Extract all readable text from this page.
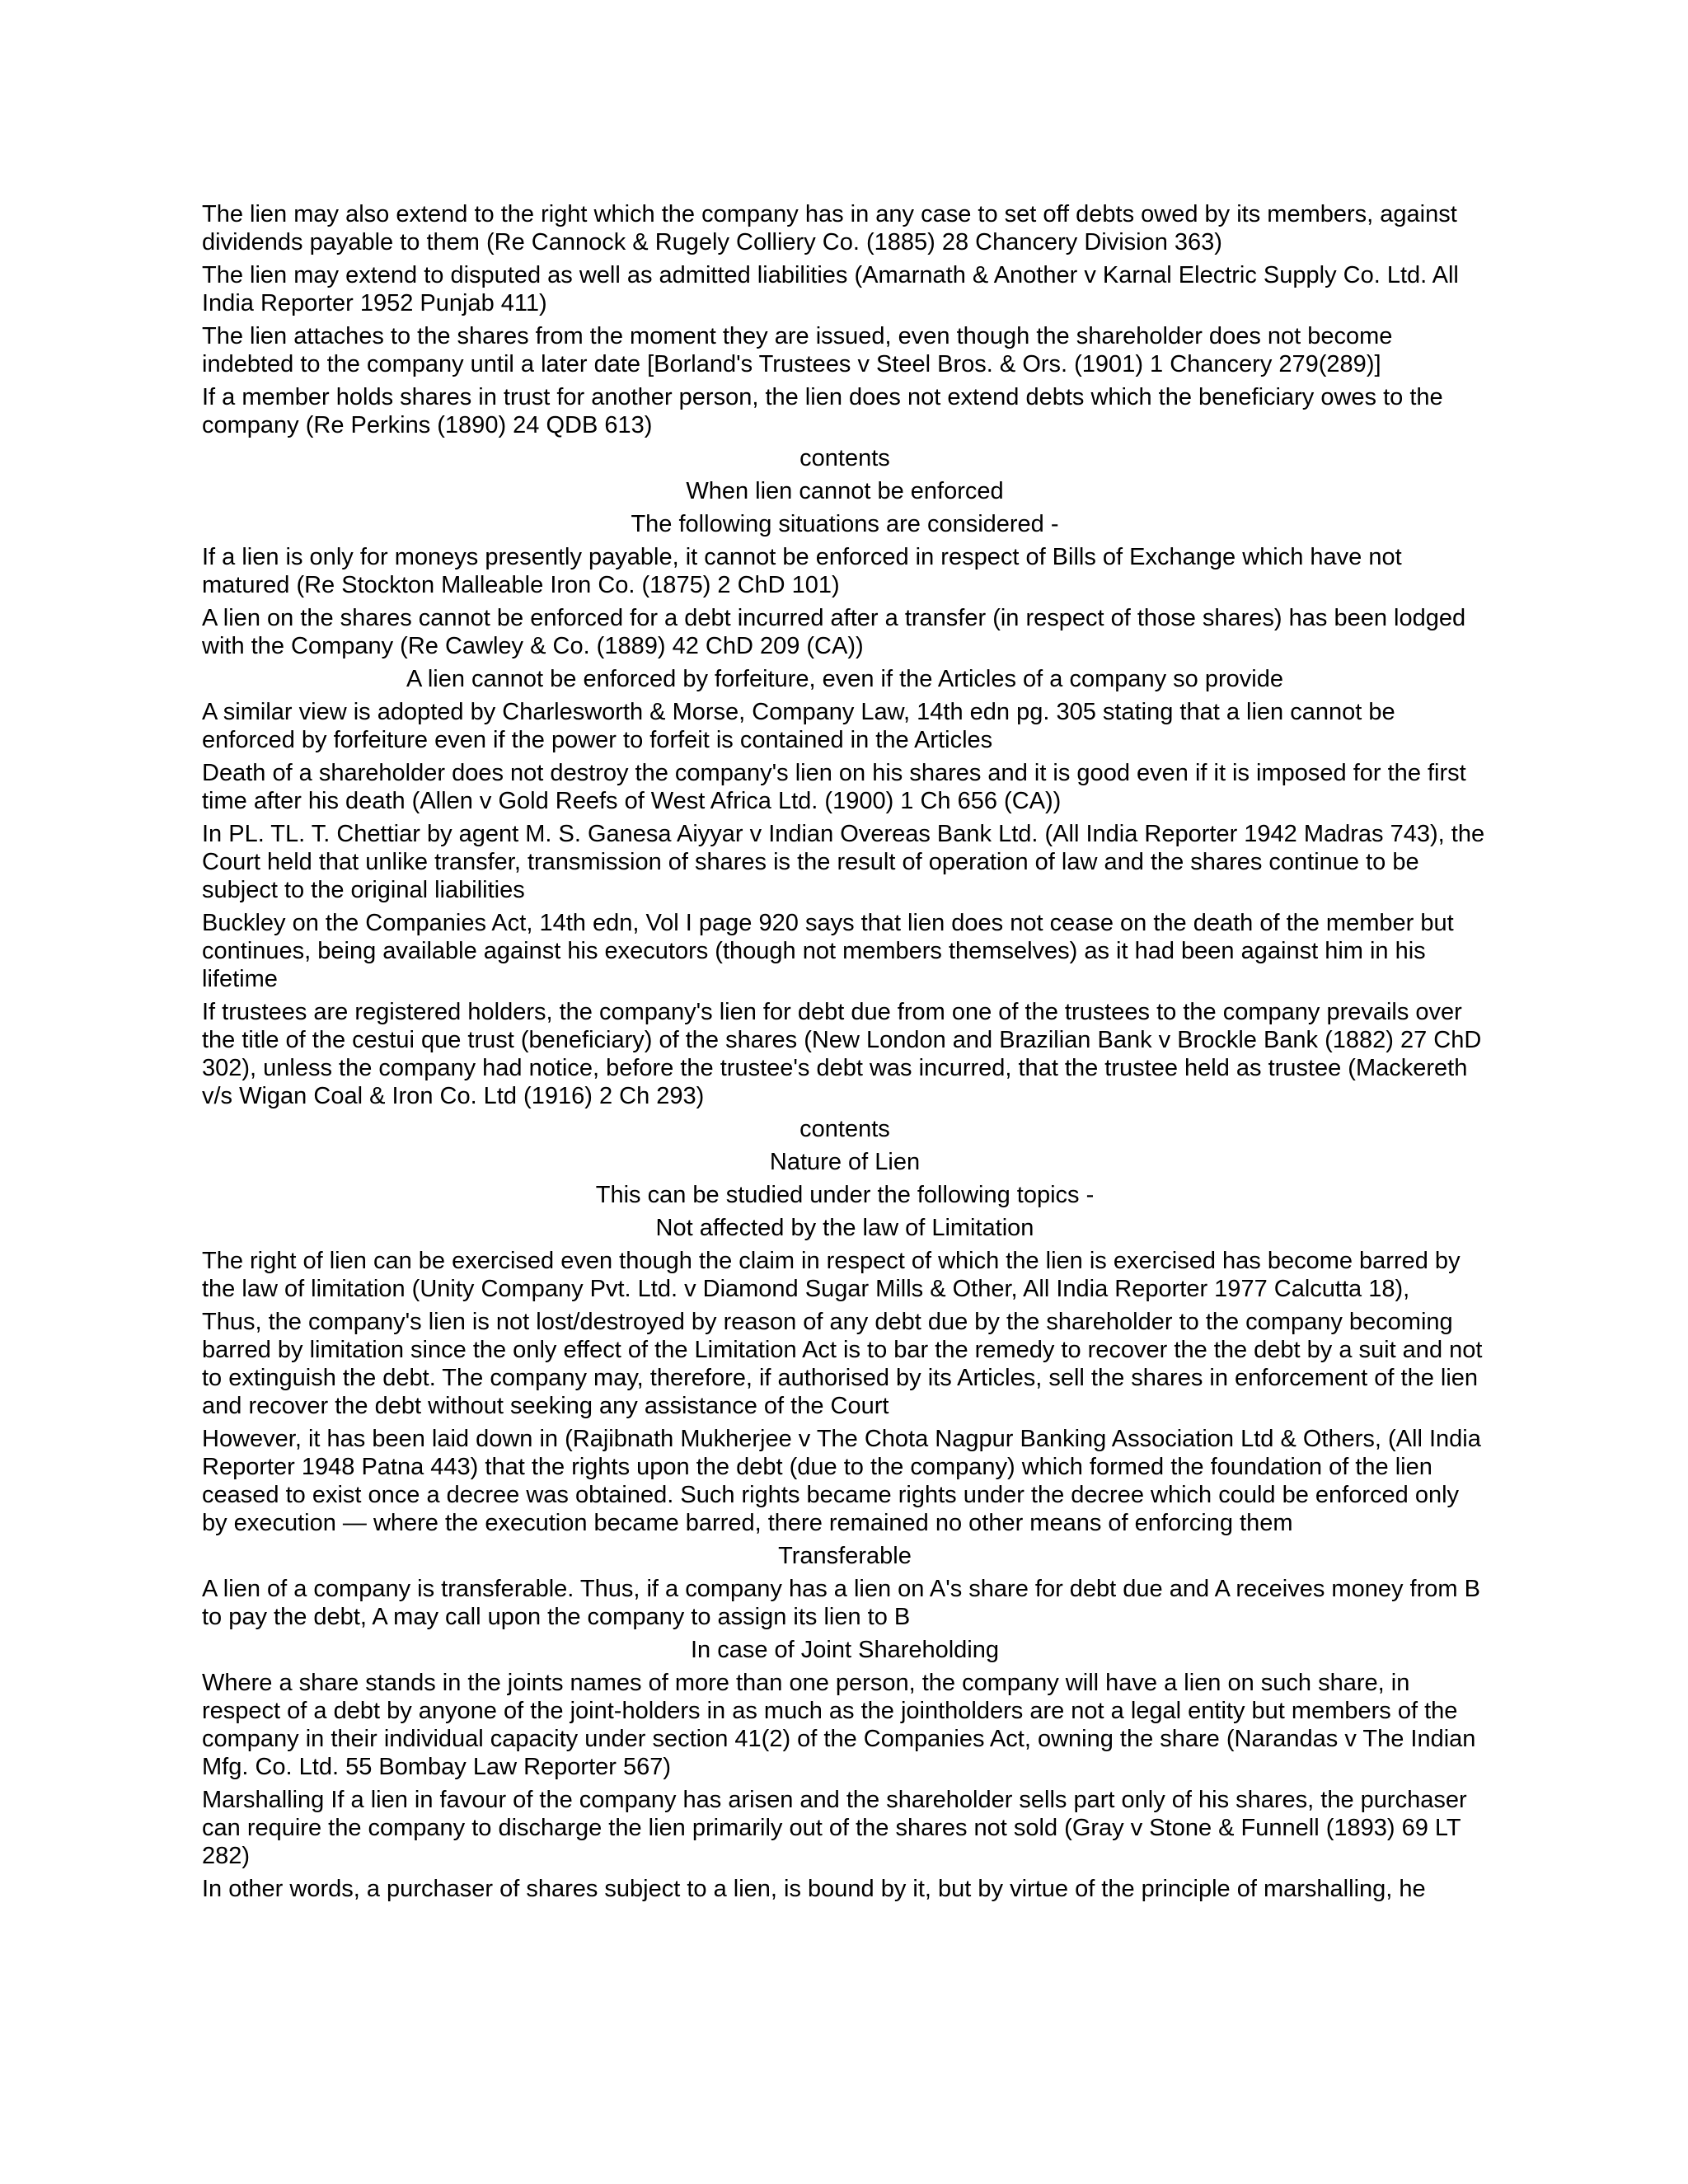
The lien may also extend to the right which the company has in any case to set off debts owed by its members, against dividends payable to them (Re Cannock & Rugely Colliery Co. (1885) 28 Chancery Division 363)

The lien may extend to disputed as well as admitted liabilities (Amarnath & Another v Karnal Electric Supply Co. Ltd. All India Reporter 1952 Punjab 411)

The lien attaches to the shares from the moment they are issued, even though the shareholder does not become indebted to the company until a later date [Borland's Trustees v Steel Bros. & Ors. (1901) 1 Chancery 279(289)]

If a member holds shares in trust for another person, the lien does not extend debts which the beneficiary owes to the company (Re Perkins (1890) 24 QDB 613)

contents

When lien cannot be enforced

The following situations are considered -

If a lien is only for moneys presently payable, it cannot be enforced in respect of Bills of Exchange which have not matured (Re Stockton Malleable Iron Co. (1875) 2 ChD 101)

A lien on the shares cannot be enforced for a debt incurred after a transfer (in respect of those shares) has been lodged with the Company (Re Cawley & Co. (1889) 42 ChD 209 (CA))

A lien cannot be enforced by forfeiture, even if the Articles of a company so provide

A similar view is adopted by Charlesworth & Morse, Company Law, 14th edn pg. 305 stating that a lien cannot be enforced by forfeiture even if the power to forfeit is contained in the Articles

Death of a shareholder does not destroy the company's lien on his shares and it is good even if it is imposed for the first time after his death (Allen v Gold Reefs of West Africa Ltd. (1900) 1 Ch 656 (CA))

In PL. TL. T. Chettiar by agent M. S. Ganesa Aiyyar v Indian Overeas Bank Ltd. (All India Reporter 1942 Madras 743), the Court held that unlike transfer, transmission of shares is the result of operation of law and the shares continue to be subject to the original liabilities

Buckley on the Companies Act, 14th edn, Vol I page 920 says that lien does not cease on the death of the member but continues, being available against his executors (though not members themselves) as it had been against him in his lifetime

If trustees are registered holders, the company's lien for debt due from one of the trustees to the company prevails over the title of the cestui que trust (beneficiary) of the shares (New London and Brazilian Bank v Brockle Bank (1882) 27 ChD 302), unless the company had notice, before the trustee's debt was incurred, that the trustee held as trustee (Mackereth v/s Wigan Coal & Iron Co. Ltd (1916) 2 Ch 293)

contents

Nature of Lien

This can be studied under the following topics -

Not affected by the law of Limitation

The right of lien can be exercised even though the claim in respect of which the lien is exercised has become barred by the law of limitation (Unity Company Pvt. Ltd. v Diamond Sugar Mills & Other, All India Reporter 1977 Calcutta 18),

Thus, the company's lien is not lost/destroyed by reason of any debt due by the shareholder to the company becoming barred by limitation since the only effect of the Limitation Act is to bar the remedy to recover the the debt by a suit and not to extinguish the debt. The company may, therefore, if authorised by its Articles, sell the shares in enforcement of the lien and recover the debt without seeking any assistance of the Court

However, it has been laid down in (Rajibnath Mukherjee v The Chota Nagpur Banking Association Ltd & Others, (All India Reporter 1948 Patna 443) that the rights upon the debt (due to the company) which formed the foundation of the lien ceased to exist once a decree was obtained. Such rights became rights under the decree which could be enforced only by execution — where the execution became barred, there remained no other means of enforcing them

Transferable

A lien of a company is transferable. Thus, if a company has a lien on A's share for debt due and A receives money from B to pay the debt, A may call upon the company to assign its lien to B

In case of Joint Shareholding

Where a share stands in the joints names of more than one person, the company will have a lien on such share, in respect of a debt by anyone of the joint-holders in as much as the jointholders are not a legal entity but members of the company in their individual capacity under section 41(2) of the Companies Act, owning the share (Narandas v The Indian Mfg. Co. Ltd. 55 Bombay Law Reporter 567)

Marshalling If a lien in favour of the company has arisen and the shareholder sells part only of his shares, the purchaser can require the company to discharge the lien primarily out of the shares not sold (Gray v Stone & Funnell (1893) 69 LT 282)

In other words, a purchaser of shares subject to a lien, is bound by it, but by virtue of the principle of marshalling, he
